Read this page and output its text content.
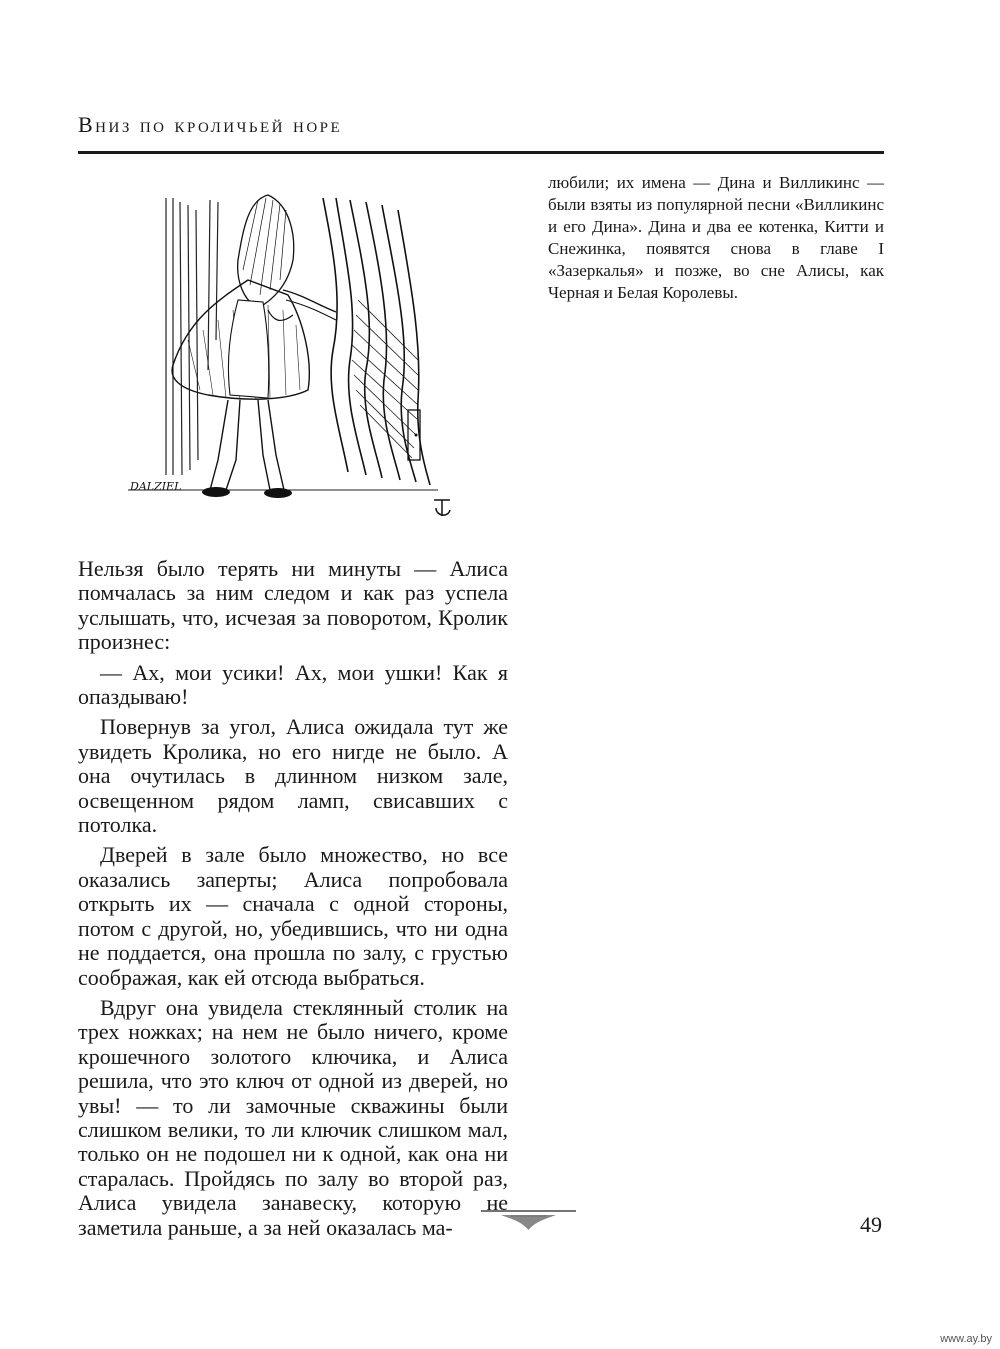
Вниз по кроличьей норе
DALZIEL

Нельзя было терять ни минуты — Алиса помчалась за ним следом и как раз успела услышать, что, исчезая за поворотом, Кролик произнес:

— Ах, мои усики! Ах, мои ушки! Как я опаздываю!

Повернув за угол, Алиса ожидала тут же увидеть Кролика, но его нигде не было. А она очутилась в длинном низком зале, освещенном рядом ламп, свисавших с потолка.

Дверей в зале было множество, но все оказались заперты; Алиса попробовала открыть их — сначала с одной стороны, потом с другой, но, убедившись, что ни одна не поддается, она прошла по залу, с грустью соображая, как ей отсюда выбраться.

Вдруг она увидела стеклянный столик на трех ножках; на нем не было ничего, кроме крошечного золотого ключика, и Алиса решила, что это ключ от одной из дверей, но увы! — то ли замочные скважины были слишком велики, то ли ключик слишком мал, только он не подошел ни к одной, как она ни старалась. Пройдясь по залу во второй раз, Алиса увидела занавеску, которую не заметила раньше, а за ней оказалась ма-

любили; их имена — Дина и Вилликинс — были взяты из популярной песни «Вилликинс и его Дина». Дина и два ее котенка, Китти и Снежинка, появятся снова в главе I «Зазеркалья» и позже, во сне Алисы, как Черная и Белая Королевы.

49
www.ay.by
